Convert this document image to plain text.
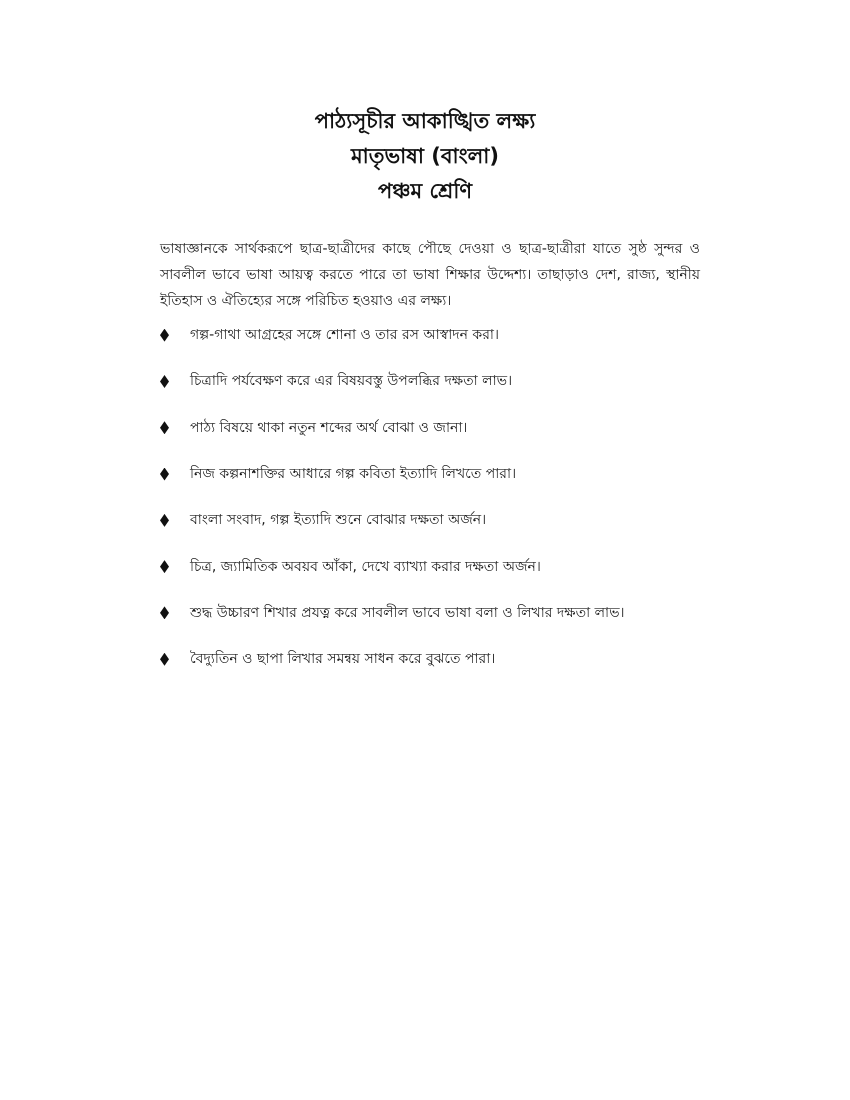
পাঠ্যসূচীর আকাঙ্খিত লক্ষ্য
মাতৃভাষা (বাংলা)
পঞ্চম শ্রেণি

ভাষাজ্ঞানকে সার্থকরূপে ছাত্র-ছাত্রীদের কাছে পৌছে দেওয়া ও ছাত্র-ছাত্রীরা যাতে সুষ্ঠ সুন্দর ও সাবলীল ভাবে ভাষা আয়ত্ব করতে পারে তা ভাষা শিক্ষার উদ্দেশ্য। তাছাড়াও দেশ, রাজ্য, স্থানীয় ইতিহাস ও ঐতিহ্যের সঙ্গে পরিচিত হওয়াও এর লক্ষ্য।

গল্প-গাথা আগ্রহের সঙ্গে শোনা ও তার রস আস্বাদন করা।
চিত্রাদি পর্যবেক্ষণ করে এর বিষয়বস্তু উপলব্ধির দক্ষতা লাভ।
পাঠ্য বিষয়ে থাকা নতুন শব্দের অর্থ বোঝা ও জানা।
নিজ কল্পনাশক্তির আধারে গল্প কবিতা ইত্যাদি লিখতে পারা।
বাংলা সংবাদ, গল্প ইত্যাদি শুনে বোঝার দক্ষতা অর্জন।
চিত্র, জ্যামিতিক অবয়ব আঁকা, দেখে ব্যাখ্যা করার দক্ষতা অর্জন।
শুদ্ধ উচ্চারণ শিখার প্রযত্ন করে সাবলীল ভাবে ভাষা বলা ও লিখার দক্ষতা লাভ।
বৈদ্যুতিন ও ছাপা লিখার সমন্বয় সাধন করে বুঝতে পারা।
